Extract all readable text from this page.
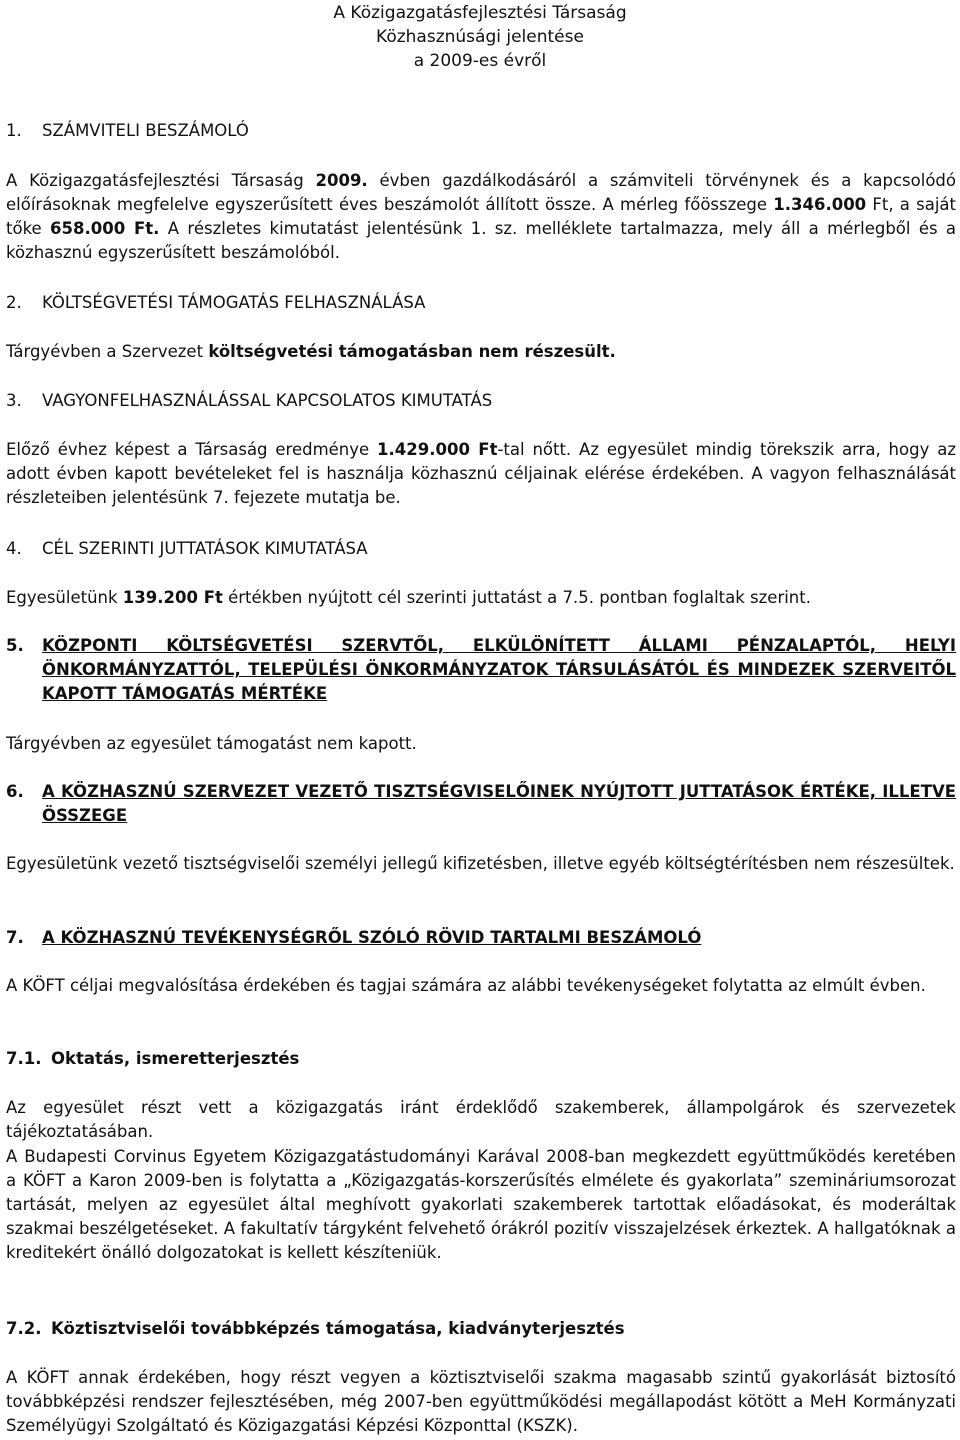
A Közigazgatásfejlesztési Társaság
Közhasznúsági jelentése
a 2009-es évről
1. SZÁMVITELI BESZÁMOLÓ

A Közigazgatásfejlesztési Társaság 2009. évben gazdálkodásáról a számviteli törvénynek és a kapcsolódó előírásoknak megfelelve egyszerűsített éves beszámolót állított össze. A mérleg főösszege 1.346.000 Ft, a saját tőke 658.000 Ft. A részletes kimutatást jelentésünk 1. sz. melléklete tartalmazza, mely áll a mérlegből és a közhasznú egyszerűsített beszámolóból.

2. KÖLTSÉGVETÉSI TÁMOGATÁS FELHASZNÁLÁSA

Tárgyévben a Szervezet költségvetési támogatásban nem részesült.

3. VAGYONFELHASZNÁLÁSSAL KAPCSOLATOS KIMUTATÁS

Előző évhez képest a Társaság eredménye 1.429.000 Ft-tal nőtt. Az egyesület mindig törekszik arra, hogy az adott évben kapott bevételeket fel is használja közhasznú céljainak elérése érdekében. A vagyon felhasználását részleteiben jelentésünk 7. fejezete mutatja be.

4. CÉL SZERINTI JUTTATÁSOK KIMUTATÁSA

Egyesületünk 139.200 Ft értékben nyújtott cél szerinti juttatást a 7.5. pontban foglaltak szerint.

5. KÖZPONTI KÖLTSÉGVETÉSI SZERVTŐL, ELKÜLÖNÍTETT ÁLLAMI PÉNZALAPTÓL, HELYI ÖNKORMÁNYZATTÓL, TELEPÜLÉSI ÖNKORMÁNYZATOK TÁRSULÁSÁTÓL ÉS MINDEZEK SZERVEITŐL KAPOTT TÁMOGATÁS MÉRTÉKE

Tárgyévben az egyesület támogatást nem kapott.

6. A KÖZHASZNÚ SZERVEZET VEZETŐ TISZTSÉGVISELŐINEK NYÚJTOTT JUTTATÁSOK ÉRTÉKE, ILLETVE ÖSSZEGE

Egyesületünk vezető tisztségviselői személyi jellegű kifizetésben, illetve egyéb költségtérítésben nem részesültek.

7. A KÖZHASZNÚ TEVÉKENYSÉGRŐL SZÓLÓ RÖVID TARTALMI BESZÁMOLÓ

A KÖFT céljai megvalósítása érdekében és tagjai számára az alábbi tevékenységeket folytatta az elmúlt évben.

7.1. Oktatás, ismeretterjesztés

Az egyesület részt vett a közigazgatás iránt érdeklődő szakemberek, állampolgárok és szervezetek tájékoztatásában.

A Budapesti Corvinus Egyetem Közigazgatástudományi Karával 2008-ban megkezdett együttműködés keretében a KÖFT a Karon 2009-ben is folytatta a „Közigazgatás-korszerűsítés elmélete és gyakorlata” szemináriumsorozat tartását, melyen az egyesület által meghívott gyakorlati szakemberek tartottak előadásokat, és moderáltak szakmai beszélgetéseket. A fakultatív tárgyként felvehető órákról pozitív visszajelzések érkeztek. A hallgatóknak a kreditekért önálló dolgozatokat is kellett készíteniük.

7.2. Köztisztviselői továbbképzés támogatása, kiadványterjesztés

A KÖFT annak érdekében, hogy részt vegyen a köztisztviselői szakma magasabb szintű gyakorlását biztosító továbbképzési rendszer fejlesztésében, még 2007-ben együttműködési megállapodást kötött a MeH Kormányzati Személyügyi Szolgáltató és Közigazgatási Képzési Központtal (KSZK).
